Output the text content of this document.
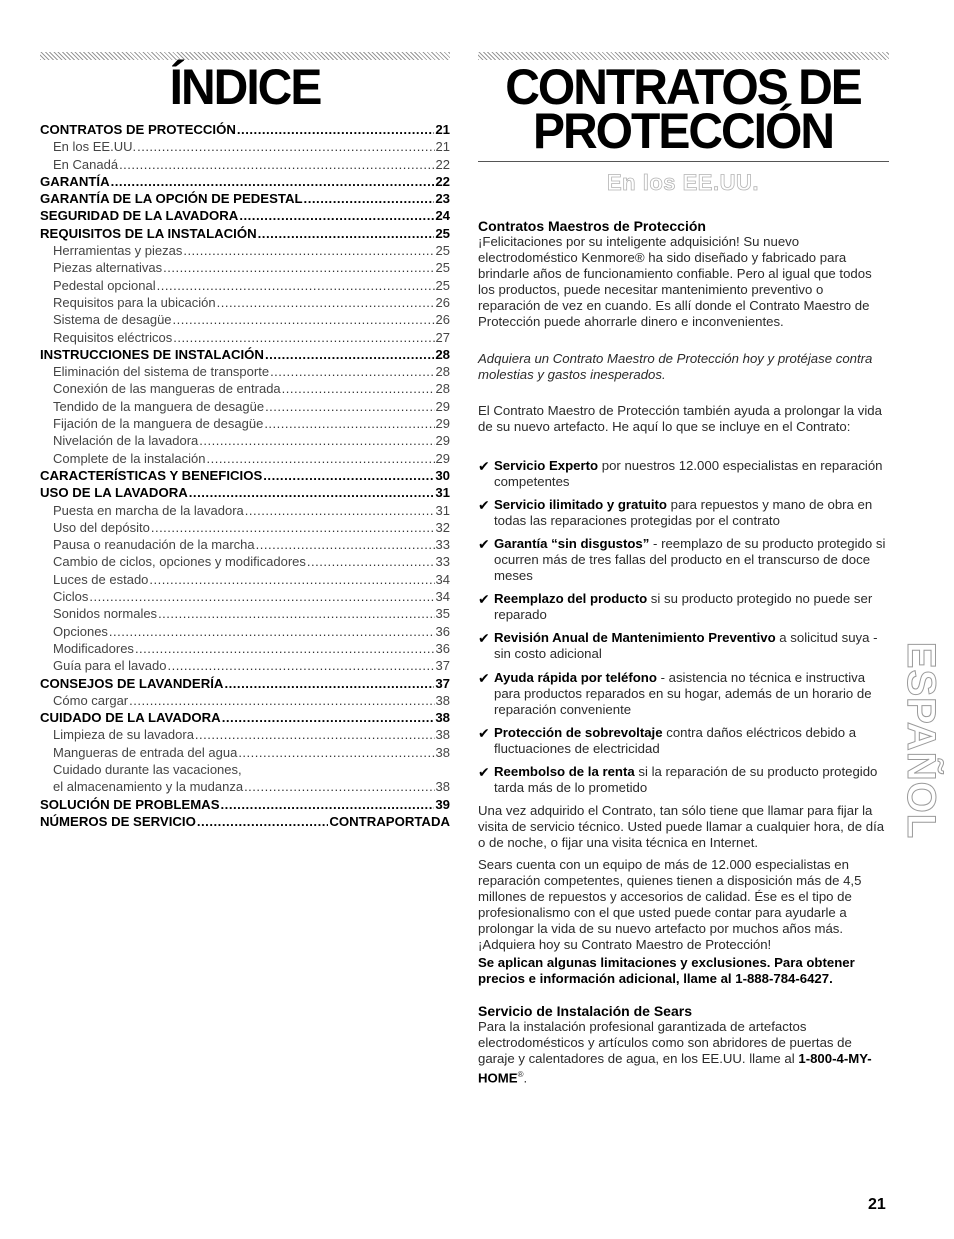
ÍNDICE
CONTRATOS DE PROTECCIÓN .....	21
En los EE.UU. .....	21
En Canadá .....	22
GARANTÍA .....	22
GARANTÍA DE LA OPCIÓN DE PEDESTAL .....	23
SEGURIDAD DE LA LAVADORA .....	24
REQUISITOS DE LA INSTALACIÓN .....	25
Herramientas y piezas .....	25
Piezas alternativas .....	25
Pedestal opcional .....	25
Requisitos para la ubicación .....	26
Sistema de desagüe .....	26
Requisitos eléctricos .....	27
INSTRUCCIONES DE INSTALACIÓN .....	28
Eliminación del sistema de transporte .....	28
Conexión de las mangueras de entrada .....	28
Tendido de la manguera de desagüe .....	29
Fijación de la manguera de desagüe .....	29
Nivelación de la lavadora .....	29
Complete de la instalación .....	29
CARACTERÍSTICAS Y BENEFICIOS .....	30
USO DE LA LAVADORA .....	31
Puesta en marcha de la lavadora .....	31
Uso del depósito .....	32
Pausa o reanudación de la marcha .....	33
Cambio de ciclos, opciones y modificadores .....	33
Luces de estado .....	34
Ciclos .....	34
Sonidos normales .....	35
Opciones .....	36
Modificadores .....	36
Guía para el lavado .....	37
CONSEJOS DE LAVANDERÍA .....	37
Cómo cargar .....	38
CUIDADO DE LA LAVADORA .....	38
Limpieza de su lavadora .....	38
Mangueras de entrada del agua .....	38
Cuidado durante las vacaciones,
el almacenamiento y la mudanza .....	38
SOLUCIÓN DE PROBLEMAS .....	39
NÚMEROS DE SERVICIO .....	CONTRAPORTADA
CONTRATOS DE
PROTECCIÓN
En los EE.UU.
Contratos Maestros de Protección
¡Felicitaciones por su inteligente adquisición! Su nuevo electrodoméstico Kenmore® ha sido diseñado y fabricado para brindarle años de funcionamiento confiable. Pero al igual que todos los productos, puede necesitar mantenimiento preventivo o reparación de vez en cuando. Es allí donde el Contrato Maestro de Protección puede ahorrarle dinero e inconvenientes.
Adquiera un Contrato Maestro de Protección hoy y protéjase contra molestias y gastos inesperados.
El Contrato Maestro de Protección también ayuda a prolongar la vida de su nuevo artefacto. He aquí lo que se incluye en el Contrato:
✔ Servicio Experto por nuestros 12.000 especialistas en reparación competentes
✔ Servicio ilimitado y gratuito para repuestos y mano de obra en todas las reparaciones protegidas por el contrato
✔ Garantía “sin disgustos” - reemplazo de su producto protegido si ocurren más de tres fallas del producto en el transcurso de doce meses
✔ Reemplazo del producto si su producto protegido no puede ser reparado
✔ Revisión Anual de Mantenimiento Preventivo a solicitud suya - sin costo adicional
✔ Ayuda rápida por teléfono - asistencia no técnica e instructiva para productos reparados en su hogar, además de un horario de reparación conveniente
✔ Protección de sobrevoltaje contra daños eléctricos debido a fluctuaciones de electricidad
✔ Reembolso de la renta si la reparación de su producto protegido tarda más de lo prometido
Una vez adquirido el Contrato, tan sólo tiene que llamar para fijar la visita de servicio técnico. Usted puede llamar a cualquier hora, de día o de noche, o fijar una visita técnica en Internet.
Sears cuenta con un equipo de más de 12.000 especialistas en reparación competentes, quienes tienen a disposición más de 4,5 millones de repuestos y accesorios de calidad. Ése es el tipo de profesionalismo con el que usted puede contar para ayudarle a prolongar la vida de su nuevo artefacto por muchos años más. ¡Adquiera hoy su Contrato Maestro de Protección!
Se aplican algunas limitaciones y exclusiones. Para obtener precios e información adicional, llame al 1-888-784-6427.
Servicio de Instalación de Sears
Para la instalación profesional garantizada de artefactos electrodomésticos y artículos como son abridores de puertas de garaje y calentadores de agua, en los EE.UU. llame al 1-800-4-MY-HOME®.
ESPAÑOL
21
